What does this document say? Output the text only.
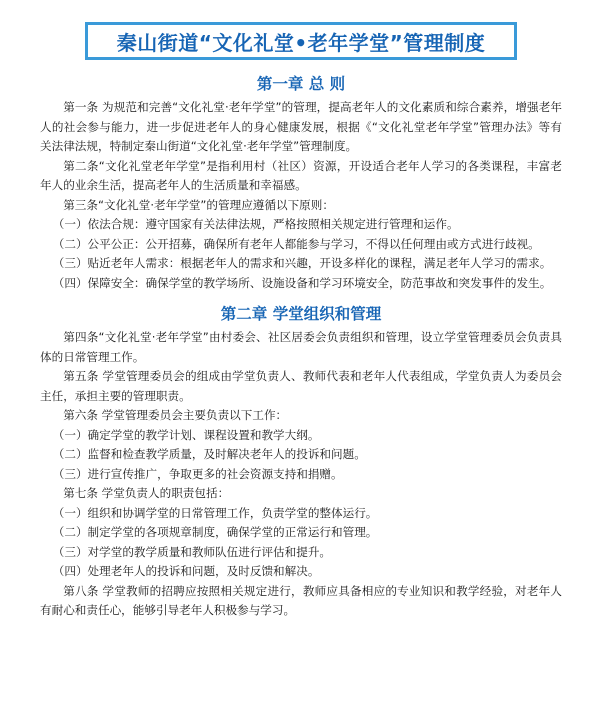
秦山街道“文化礼堂•老年学堂”管理制度
第一章 总 则

第一条 为规范和完善“文化礼堂·老年学堂”的管理，提高老年人的文化素质和综合素养，增强老年人的社会参与能力，进一步促进老年人的身心健康发展，根据《“文化礼堂老年学堂”管理办法》等有关法律法规，特制定秦山街道“文化礼堂·老年学堂”管理制度。

第二条“文化礼堂老年学堂”是指利用村（社区）资源，开设适合老年人学习的各类课程，丰富老年人的业余生活，提高老年人的生活质量和幸福感。

第三条“文化礼堂·老年学堂”的管理应遵循以下原则：

（一）依法合规：遵守国家有关法律法规，严格按照相关规定进行管理和运作。

（二）公平公正：公开招募，确保所有老年人都能参与学习，不得以任何理由或方式进行歧视。

（三）贴近老年人需求：根据老年人的需求和兴趣，开设多样化的课程，满足老年人学习的需求。

（四）保障安全：确保学堂的教学场所、设施设备和学习环境安全，防范事故和突发事件的发生。

第二章 学堂组织和管理

第四条“文化礼堂·老年学堂”由村委会、社区居委会负责组织和管理，设立学堂管理委员会负责具体的日常管理工作。

第五条 学堂管理委员会的组成由学堂负责人、教师代表和老年人代表组成，学堂负责人为委员会主任，承担主要的管理职责。

第六条 学堂管理委员会主要负责以下工作：

（一）确定学堂的教学计划、课程设置和教学大纲。

（二）监督和检查教学质量，及时解决老年人的投诉和问题。

（三）进行宣传推广，争取更多的社会资源支持和捐赠。

第七条 学堂负责人的职责包括：

（一）组织和协调学堂的日常管理工作，负责学堂的整体运行。

（二）制定学堂的各项规章制度，确保学堂的正常运行和管理。

（三）对学堂的教学质量和教师队伍进行评估和提升。

（四）处理老年人的投诉和问题，及时反馈和解决。

第八条 学堂教师的招聘应按照相关规定进行，教师应具备相应的专业知识和教学经验，对老年人有耐心和责任心，能够引导老年人积极参与学习。
